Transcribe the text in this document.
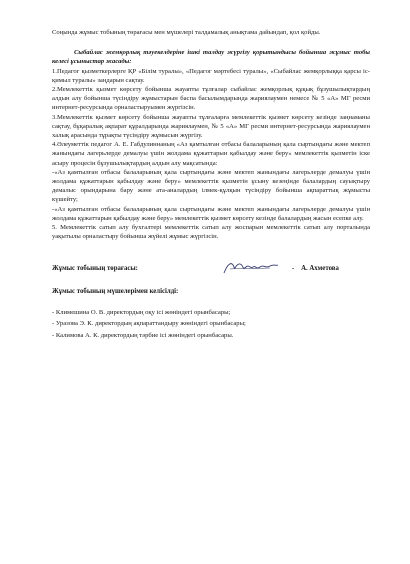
Соңында жұмыс тобының төрағасы мен мүшелері талдамалық анықтама дайындап, қол қойды.

Сыбайлас жемқорлық тәуекелдеріне ішкі талдау жүргізу қорытындысы бойынша жұмыс тобы келесі ұсыныстар жасады:

1.Педагог қызметкерлерге ҚР «Білім туралы», «Педагог мәртебесі туралы», «Сыбайлас жемқорлыққа қарсы іс-қимыл туралы» заңдарын сақтау.

2.Мемлекеттік қызмет көрсету бойынша жауапты тұлғалар сыбайлас жемқорлық құқық бұзушылықтардың алдын алу бойынша түсіндіру жұмыстарын баспа басылымдарында жариялаумен немесе № 5 «А» МГ ресми интернет-ресурсында орналастыруымен жүргізсін.

3.Мемлекеттік қызмет көрсету бойынша жауапты тұлғаларға мемлекеттік қызмет көрсету кезінде заңнаманы сақтау, бұқаралық ақпарат құралдарында жариялаумен, № 5 «А» МГ ресми интернет-ресурсында жариялаумен халық арасында тұрақты түсіндіру жұмысын жүргізу.

4.Әлеуметтік педагог А. Е. Габдулиннаның «Аз қамтылған отбасы балаларының қала сыртындағы және мектеп жанындағы лагерьлерде демалуы үшін жолдама құжаттарын қабылдау және беру» мемлекеттік қызметін іске асыру процесін бұзушылықтардың алдын алу мақсатында:

-«Аз қамтылған отбасы балаларының қала сыртындағы және мектеп жанындағы лагерьлерде демалуы үшін жолдама құжаттарын қабылдау және беру» мемлекеттік қызметін ұсыну кезеңінде балалардың сауықтыру демалыс орындарына бару және ата-аналардың ілмек-құлқын түсіндіру бойынша ақпараттық жұмысты күшейту;

-«Аз қамтылған отбасы балаларының қала сыртындағы және мектеп жанындағы лагерьлерде демалуы үшін жолдама құжаттарын қабылдау және беру» мемлекеттік қызмет көрсету кезінде балалардың жасын есепке алу.

5. Мемлекеттік сатып алу бухгалтері мемлекеттік сатып алу жоспарын мемлекеттік сатып алу порталында уақытылы орналастыру бойынша жүйелі жұмыс жүргізсін.

Жұмыс тобының төрағасы:	- А. Ахметова

Жұмыс тобының мүшелерімен келісілді:

- Климешина О. В. директордың оқу ісі жөніндегі орынбасары;

- Уразова Э. К. директордың ақпараттандыру жөніндегі орынбасары;

- Калимова А. К. директордың тәрбие ісі жөніндегі орынбасары.
